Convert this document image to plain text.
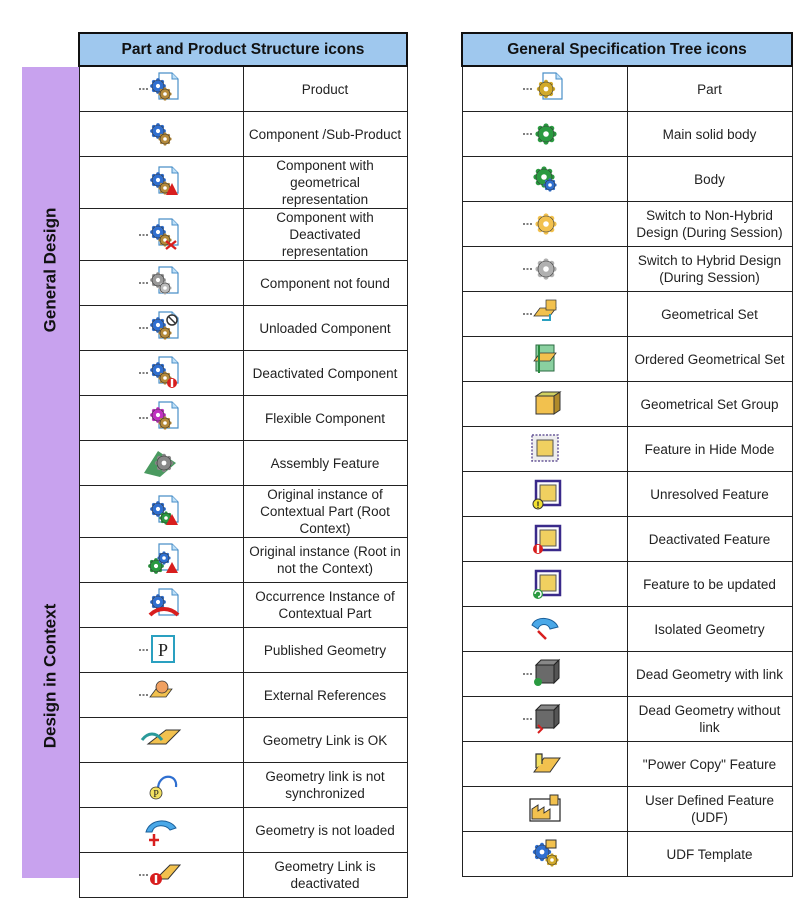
General Design
Design in Context
Part and Product Structure icons	
	Product
	Component /Sub-Product
	Component with geometrical representation
	Component with Deactivated representation
	Component not found
	Unloaded Component
	Deactivated Component
	Flexible Component
	Assembly Feature
	Original instance of Contextual Part (Root Context)
	Original instance (Root in not the Context)
	Occurrence Instance of Contextual Part

P	Published Geometry
	External References
	Geometry Link is OK

P	Geometry link is not synchronized
	Geometry is not loaded
	Geometry Link is deactivated
General Specification Tree icons	
	Part
	Main solid body
	Body
	Switch to Non-Hybrid Design (During Session)
	Switch to Hybrid Design (During Session)
	Geometrical Set
	Ordered Geometrical Set
	Geometrical Set Group
	Feature in Hide Mode

!	Unresolved Feature
	Deactivated Feature
	Feature to be updated
	Isolated Geometry
	Dead Geometry with link
	Dead Geometry without link
	"Power Copy" Feature
	User Defined Feature (UDF)
	UDF Template
